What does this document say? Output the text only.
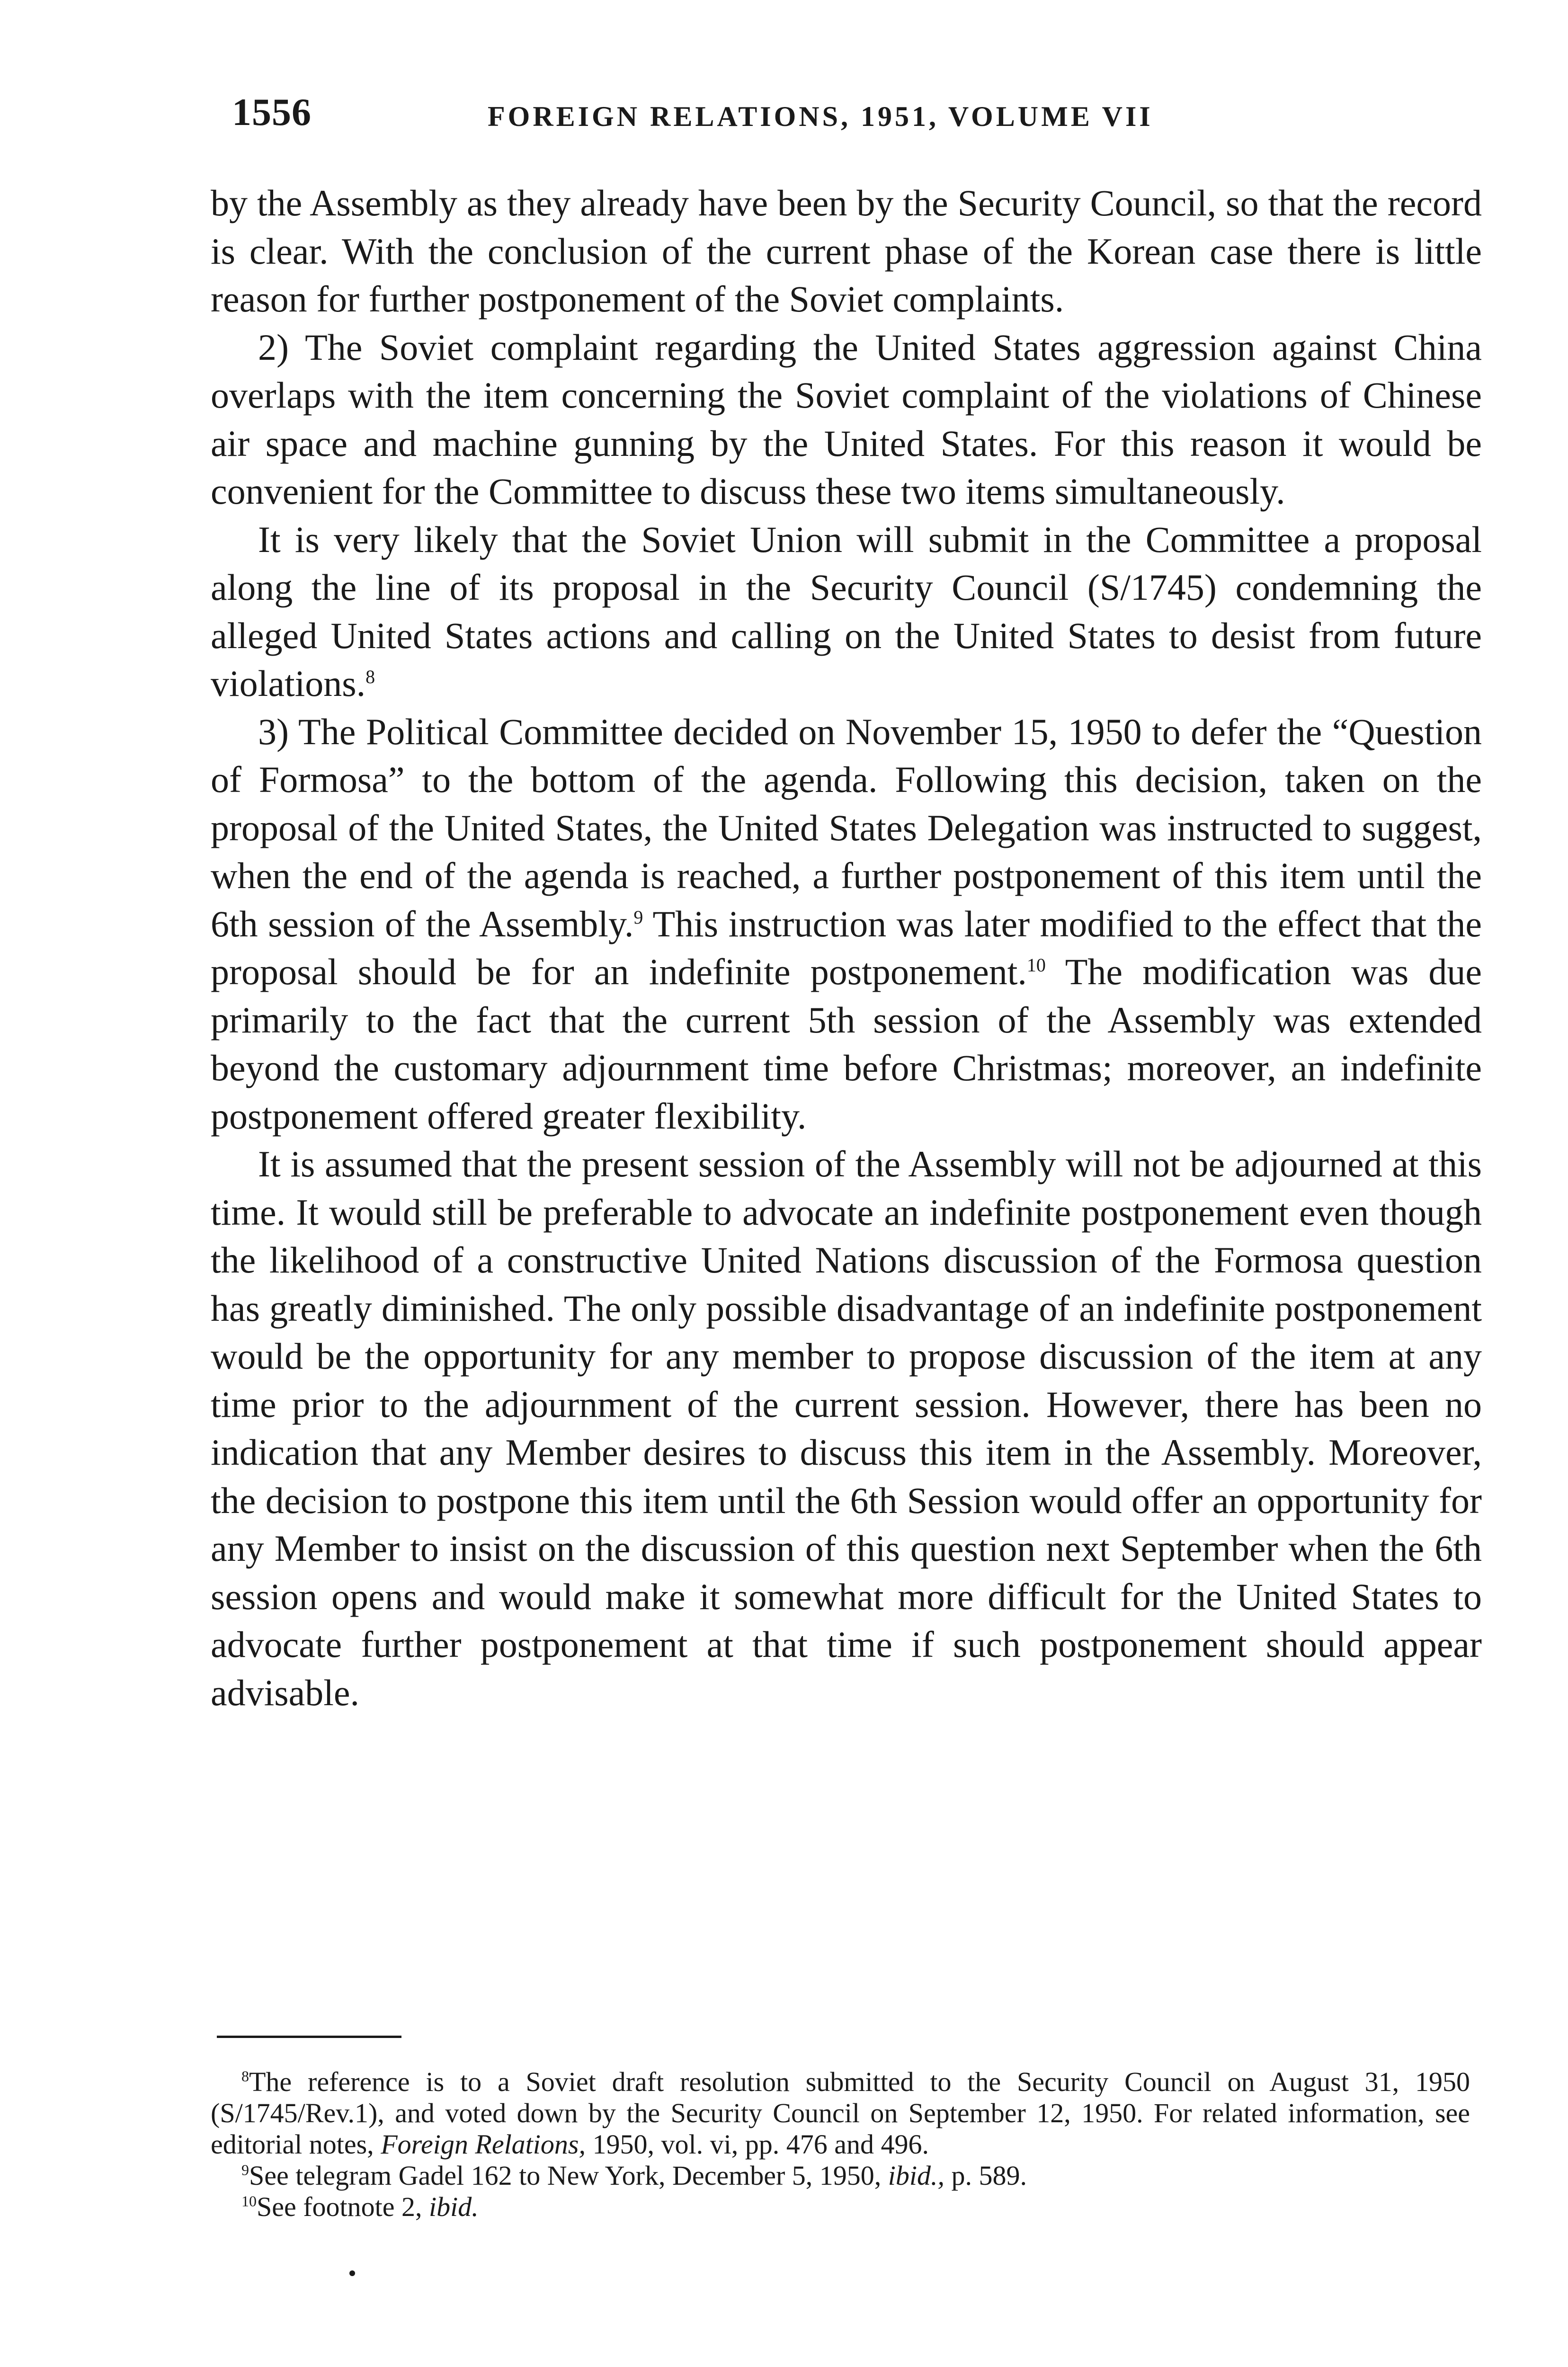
1556	FOREIGN RELATIONS, 1951, VOLUME VII

by the Assembly as they already have been by the Security Council, so that the record is clear. With the conclusion of the current phase of the Korean case there is little reason for further postponement of the Soviet complaints.

2) The Soviet complaint regarding the United States aggression against China overlaps with the item concerning the Soviet complaint of the violations of Chinese air space and machine gunning by the United States. For this reason it would be convenient for the Committee to discuss these two items simultaneously.

It is very likely that the Soviet Union will submit in the Committee a proposal along the line of its proposal in the Security Council (S/1745) condemning the alleged United States actions and calling on the United States to desist from future violations.$^8$

3) The Political Committee decided on November 15, 1950 to defer the “Question of Formosa” to the bottom of the agenda. Following this decision, taken on the proposal of the United States, the United States Delegation was instructed to suggest, when the end of the agenda is reached, a further postponement of this item until the 6th session of the Assembly.$^9$ This instruction was later modified to the effect that the proposal should be for an indefinite postponement.$^{10}$ The modification was due primarily to the fact that the current 5th session of the Assembly was extended beyond the customary adjournment time before Christmas; moreover, an indefinite postponement offered greater flexibility.

It is assumed that the present session of the Assembly will not be adjourned at this time. It would still be preferable to advocate an indefinite postponement even though the likelihood of a constructive United Nations discussion of the Formosa question has greatly diminished. The only possible disadvantage of an indefinite postponement would be the opportunity for any member to propose discussion of the item at any time prior to the adjournment of the current session. However, there has been no indication that any Member desires to discuss this item in the Assembly. Moreover, the decision to postpone this item until the 6th Session would offer an opportunity for any Member to insist on the discussion of this question next September when the 6th session opens and would make it somewhat more difficult for the United States to advocate further postponement at that time if such postponement should appear advisable.

$^8$The reference is to a Soviet draft resolution submitted to the Security Council on August 31, 1950 (S/1745/Rev.1), and voted down by the Security Council on September 12, 1950. For related information, see editorial notes, Foreign Relations, 1950, vol. vi, pp. 476 and 496.

$^9$See telegram Gadel 162 to New York, December 5, 1950, ibid., p. 589.

$^{10}$See footnote 2, ibid.
